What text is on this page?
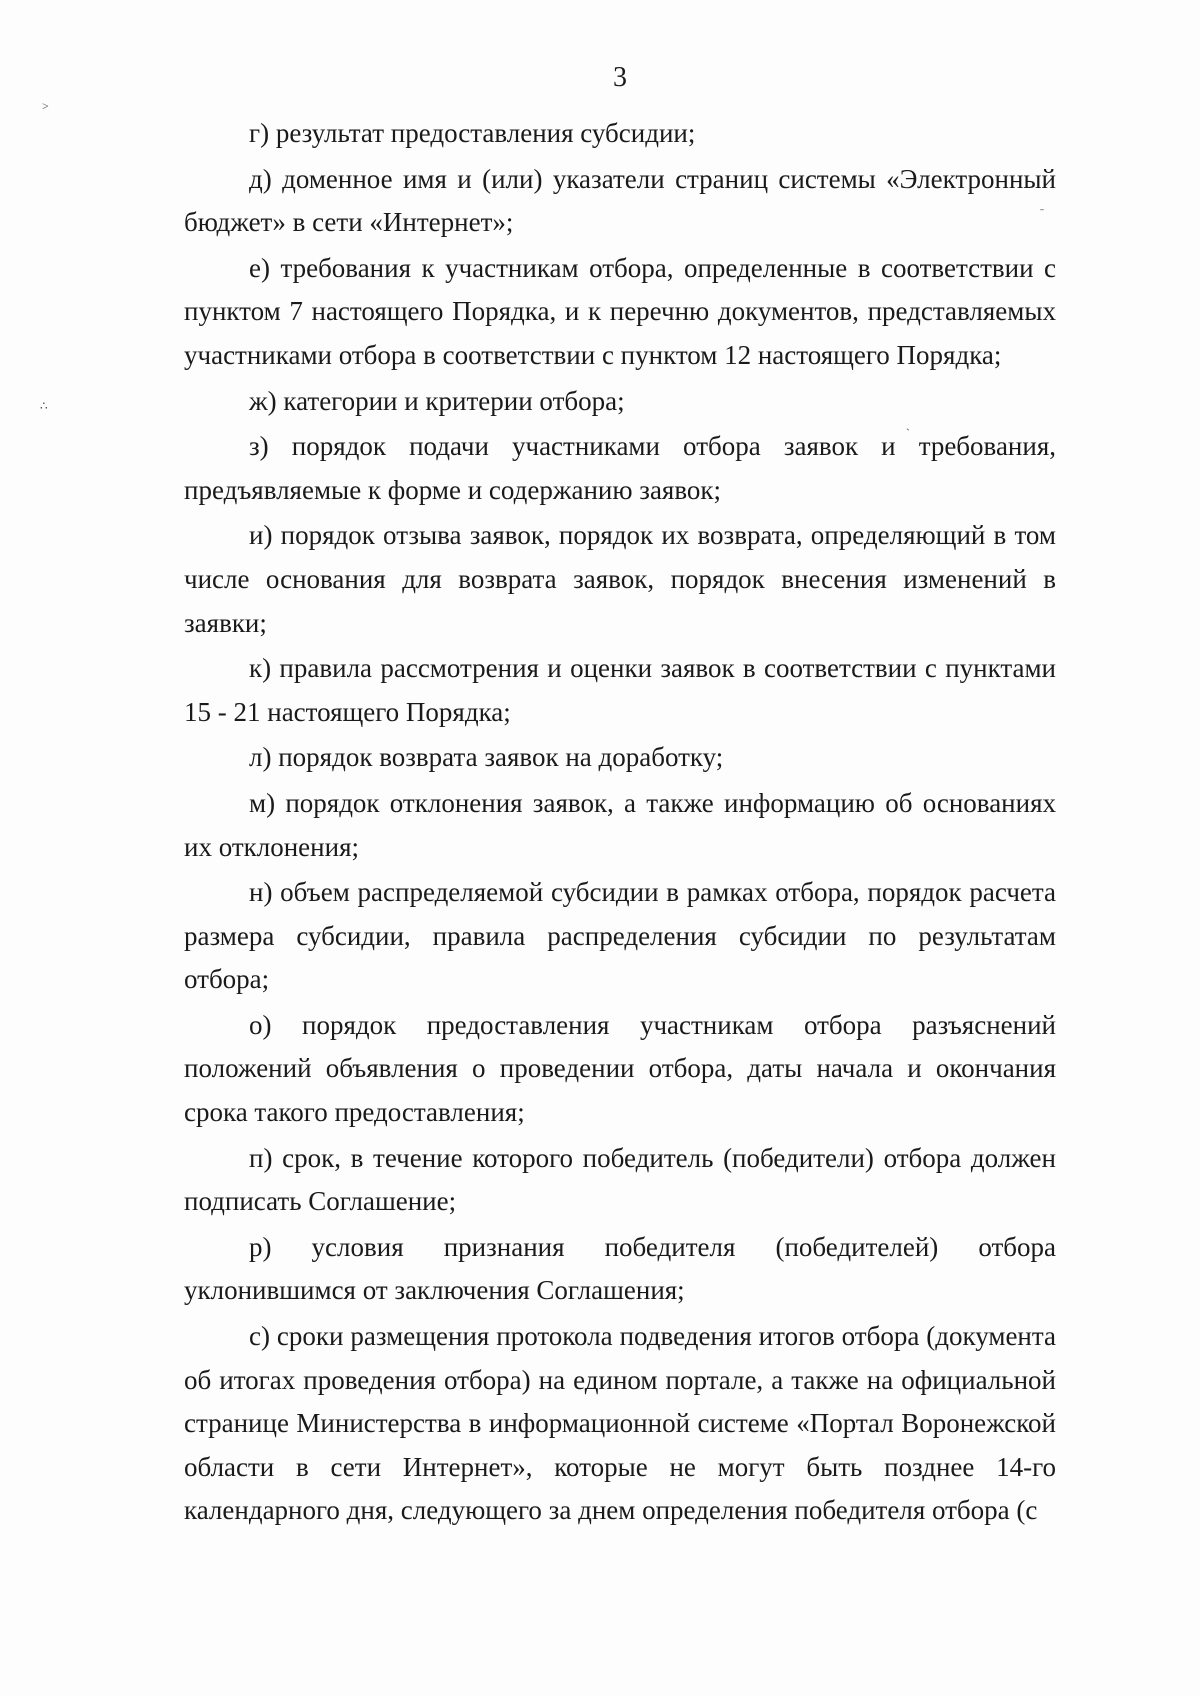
3
˃
∴
˗
ˎ

г) результат предоставления субсидии;

д) доменное имя и (или) указатели страниц системы «Электронный бюджет» в сети «Интернет»;

е) требования к участникам отбора, определенные в соответствии с пунктом 7 настоящего Порядка, и к перечню документов, представляемых участниками отбора в соответствии с пунктом 12 настоящего Порядка;

ж) категории и критерии отбора;

з) порядок подачи участниками отбора заявок и требования, предъявляемые к форме и содержанию заявок;

и) порядок отзыва заявок, порядок их возврата, определяющий в том числе основания для возврата заявок, порядок внесения изменений в заявки;

к) правила рассмотрения и оценки заявок в соответствии с пунктами 15 - 21 настоящего Порядка;

л) порядок возврата заявок на доработку;

м) порядок отклонения заявок, а также информацию об основаниях их отклонения;

н) объем распределяемой субсидии в рамках отбора, порядок расчета размера субсидии, правила распределения субсидии по результатам отбора;

о) порядок предоставления участникам отбора разъяснений положений объявления о проведении отбора, даты начала и окончания срока такого предоставления;

п) срок, в течение которого победитель (победители) отбора должен подписать Соглашение;

р) условия признания победителя (победителей) отбора уклонившимся от заключения Соглашения;

с) сроки размещения протокола подведения итогов отбора (документа об итогах проведения отбора) на едином портале, а также на официальной странице Министерства в информационной системе «Портал Воронежской области в сети Интернет», которые не могут быть позднее 14-го календарного дня, следующего за днем определения победителя отбора (с
